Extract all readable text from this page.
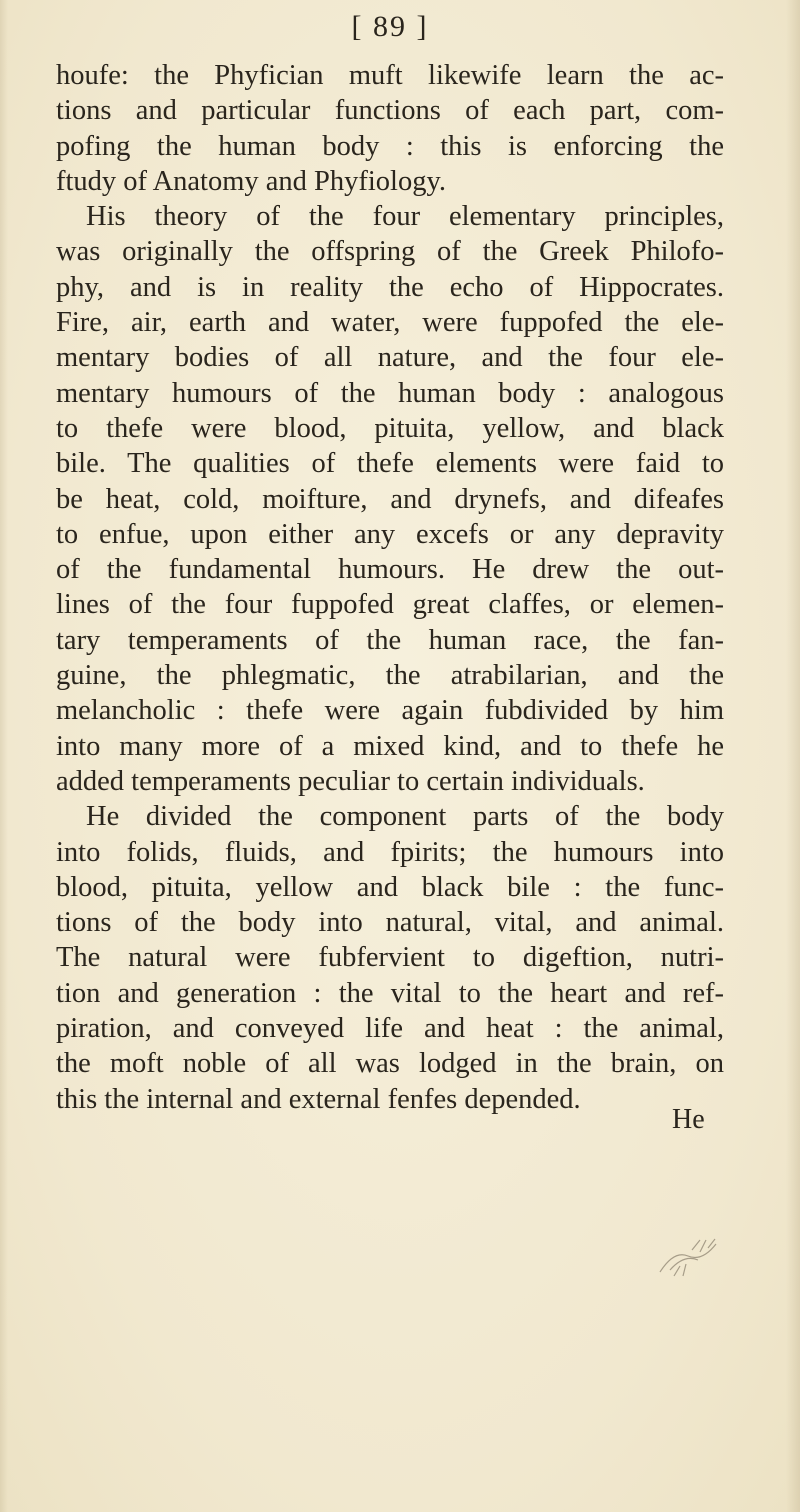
[ 89 ]
houfe: the Phyfician muft likewife learn the ac-
tions and particular functions of each part, com-
pofing the human body : this is enforcing the
ftudy of Anatomy and Phyfiology.
His theory of the four elementary principles,
was originally the offspring of the Greek Philofo-
phy, and is in reality the echo of Hippocrates.
Fire, air, earth and water, were fuppofed the ele-
mentary bodies of all nature, and the four ele-
mentary humours of the human body : analogous
to thefe were blood, pituita, yellow, and black
bile. The qualities of thefe elements were faid to
be heat, cold, moifture, and drynefs, and difeafes
to enfue, upon either any excefs or any depravity
of the fundamental humours. He drew the out-
lines of the four fuppofed great claffes, or elemen-
tary temperaments of the human race, the fan-
guine, the phlegmatic, the atrabilarian, and the
melancholic : thefe were again fubdivided by him
into many more of a mixed kind, and to thefe he
added temperaments peculiar to certain individuals.
He divided the component parts of the body
into folids, fluids, and fpirits; the humours into
blood, pituita, yellow and black bile : the func-
tions of the body into natural, vital, and animal.
The natural were fubfervient to digeftion, nutri-
tion and generation : the vital to the heart and ref-
piration, and conveyed life and heat : the animal,
the moft noble of all was lodged in the brain, on
this the internal and external fenfes depended.
He
